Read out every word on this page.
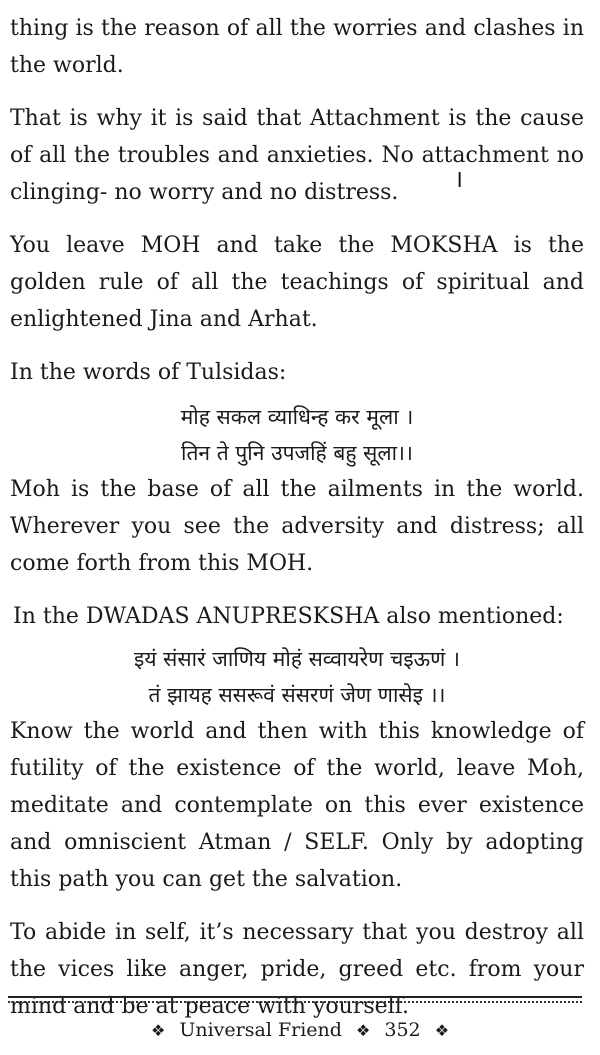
thing is the reason of all the worries and clashes in the world.

That is why it is said that Attachment is the cause of all the troubles and anxieties. No attachment no clinging- no worry and no distress.

You leave MOH and take the MOKSHA is the golden rule of all the teachings of spiritual and enlightened Jina and Arhat.

In the words of Tulsidas:

मोह सकल व्याधिन्ह कर मूला ।

तिन ते पुनि उपजहिं बहु सूला।।

Moh is the base of all the ailments in the world. Wherever you see the adversity and distress; all come forth from this MOH.

In the DWADAS ANUPRESKSHA also mentioned:

इयं संसारं जाणिय मोहं सव्वायरेण चइऊणं ।

तं झायह ससरूवं संसरणं जेण णासेइ ।।

Know the world and then with this knowledge of futility of the existence of the world, leave Moh, meditate and contemplate on this ever existence and omniscient Atman / SELF. Only by adopting this path you can get the salvation.

To abide in self, it’s necessary that you destroy all the vices like anger, pride, greed etc. from your mind and be at peace with yourself.

।
❖ Universal Friend ❖ 352 ❖
